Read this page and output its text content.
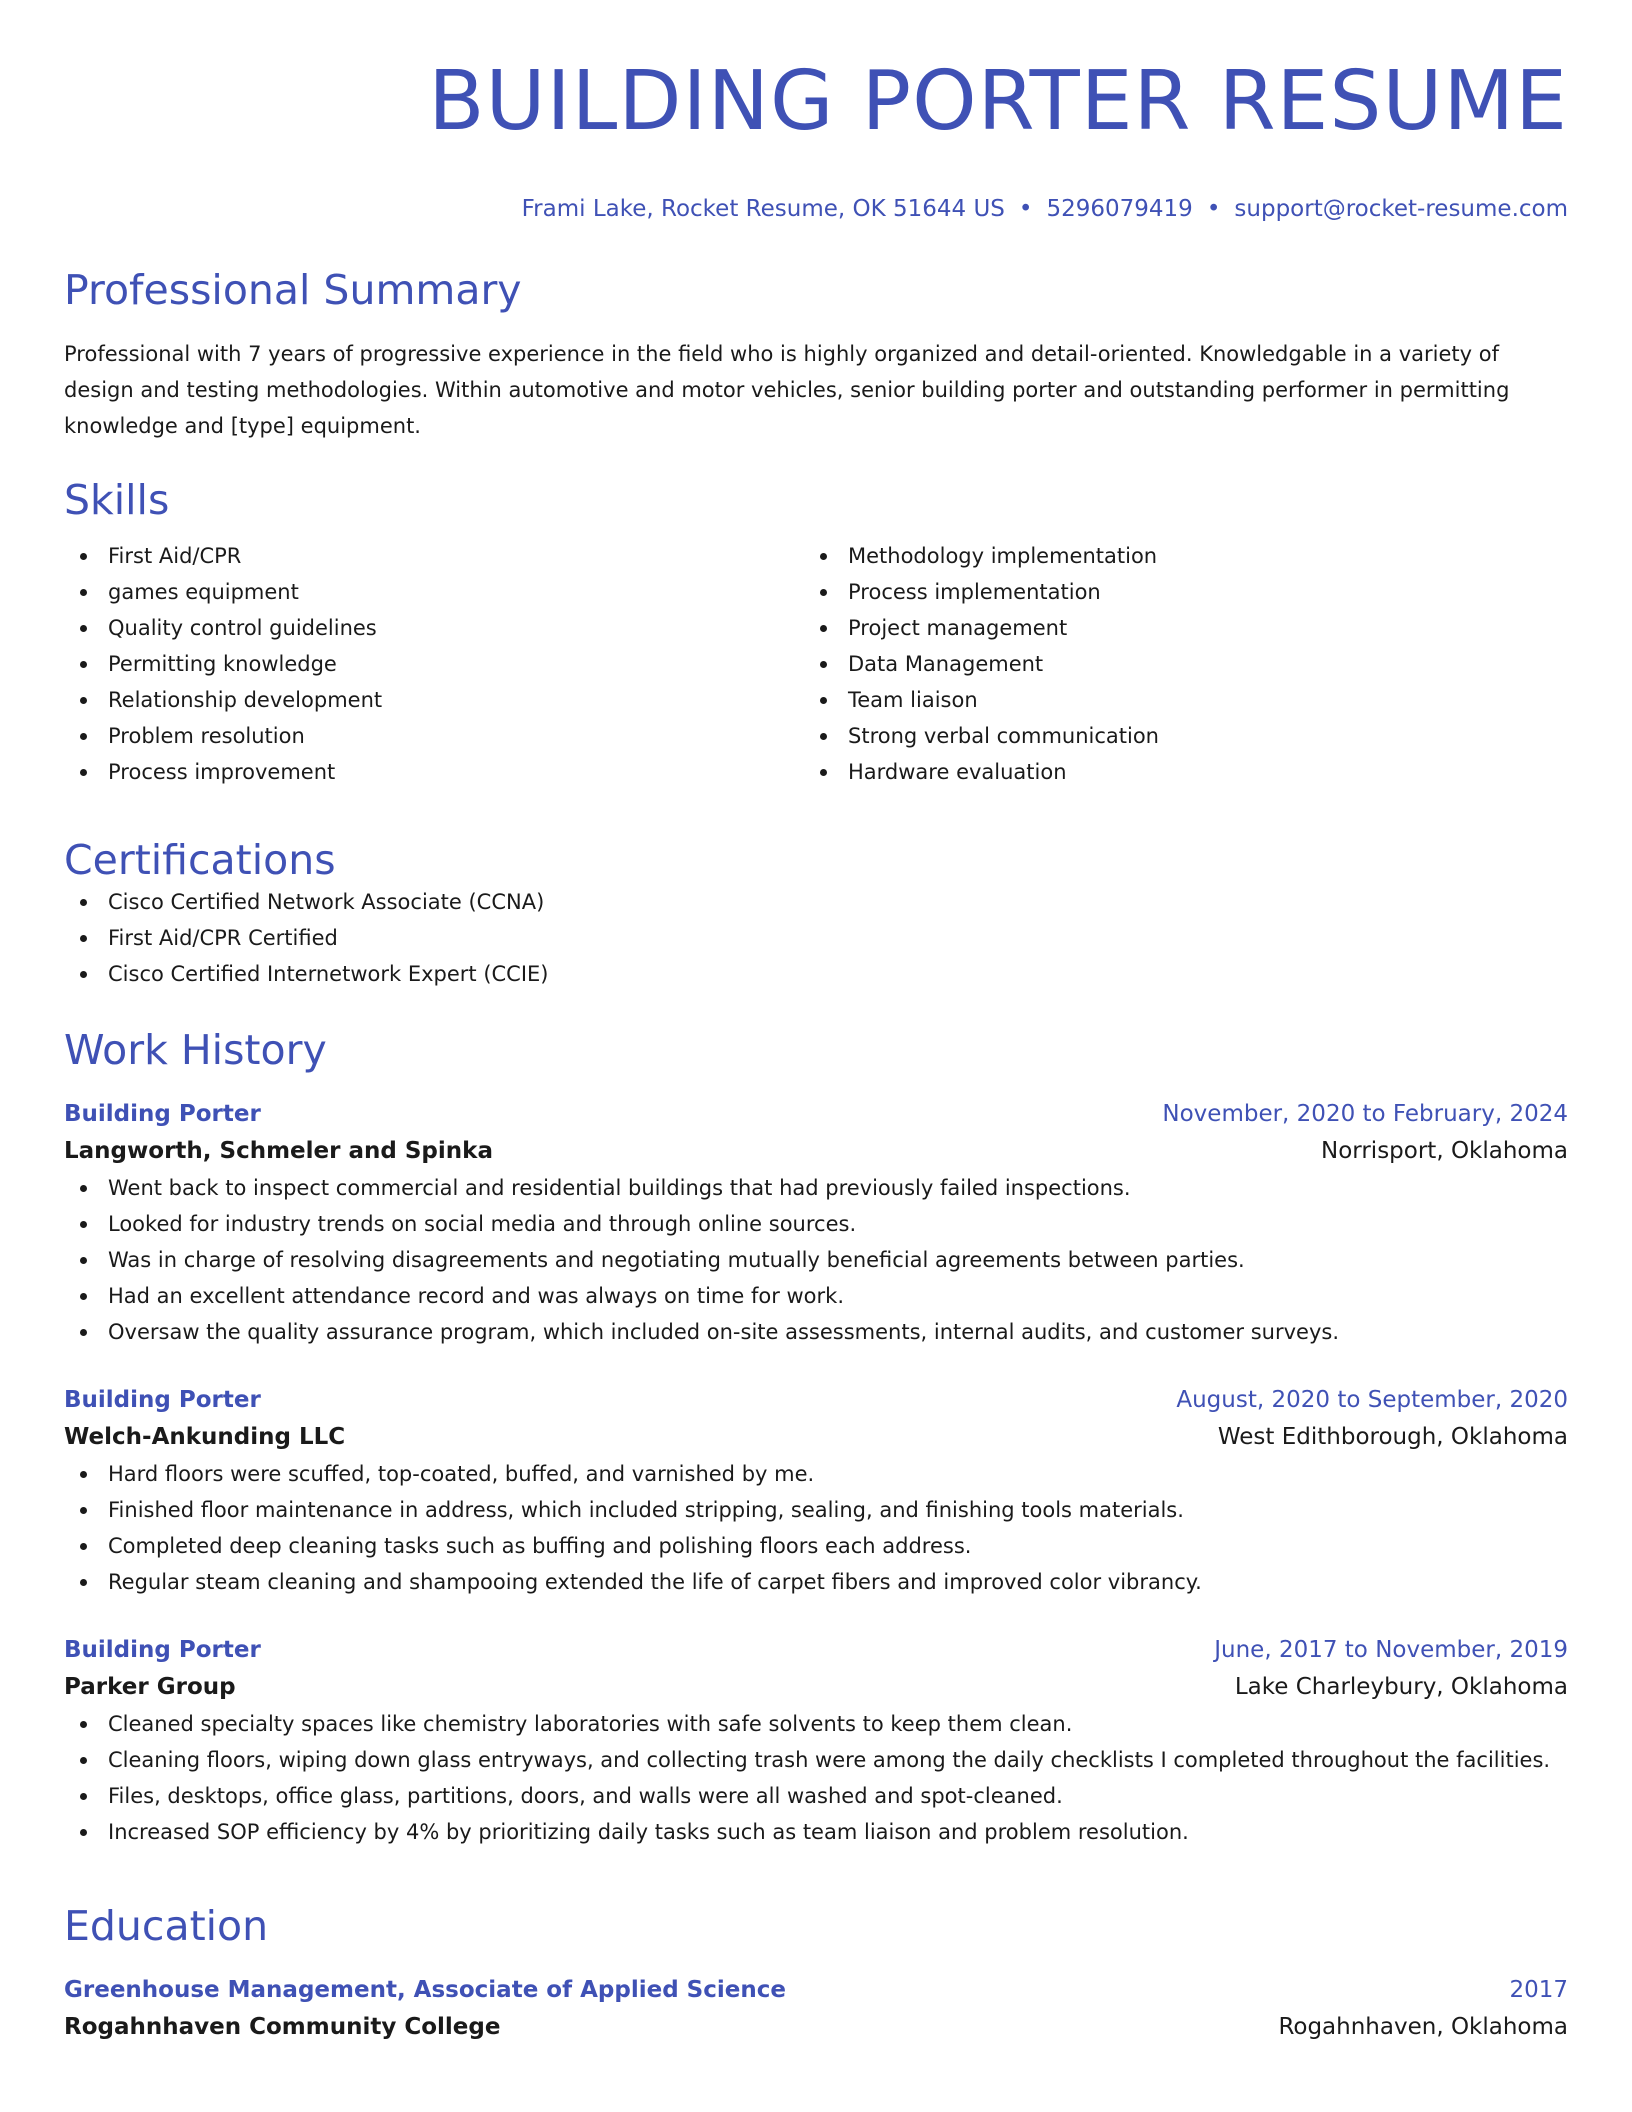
BUILDING PORTER RESUME
Frami Lake, Rocket Resume, OK 51644 US • 5296079419 • support@rocket-resume.com
Professional Summary
Professional with 7 years of progressive experience in the field who is highly organized and detail-oriented. Knowledgable in a variety of design and testing methodologies. Within automotive and motor vehicles, senior building porter and outstanding performer in permitting knowledge and [type] equipment.
Skills
First Aid/CPR
games equipment
Quality control guidelines
Permitting knowledge
Relationship development
Problem resolution
Process improvement
Methodology implementation
Process implementation
Project management
Data Management
Team liaison
Strong verbal communication
Hardware evaluation
Certifications
Cisco Certified Network Associate (CCNA)
First Aid/CPR Certified
Cisco Certified Internetwork Expert (CCIE)
Work History
Building Porter	November, 2020 to February, 2024
Langworth, Schmeler and Spinka	Norrisport, Oklahoma
Went back to inspect commercial and residential buildings that had previously failed inspections.
Looked for industry trends on social media and through online sources.
Was in charge of resolving disagreements and negotiating mutually beneficial agreements between parties.
Had an excellent attendance record and was always on time for work.
Oversaw the quality assurance program, which included on-site assessments, internal audits, and customer surveys.
Building Porter	August, 2020 to September, 2020
Welch-Ankunding LLC	West Edithborough, Oklahoma
Hard floors were scuffed, top-coated, buffed, and varnished by me.
Finished floor maintenance in address, which included stripping, sealing, and finishing tools materials.
Completed deep cleaning tasks such as buffing and polishing floors each address.
Regular steam cleaning and shampooing extended the life of carpet fibers and improved color vibrancy.
Building Porter	June, 2017 to November, 2019
Parker Group	Lake Charleybury, Oklahoma
Cleaned specialty spaces like chemistry laboratories with safe solvents to keep them clean.
Cleaning floors, wiping down glass entryways, and collecting trash were among the daily checklists I completed throughout the facilities.
Files, desktops, office glass, partitions, doors, and walls were all washed and spot-cleaned.
Increased SOP efficiency by 4% by prioritizing daily tasks such as team liaison and problem resolution.
Education
Greenhouse Management, Associate of Applied Science	2017
Rogahnhaven Community College	Rogahnhaven, Oklahoma
